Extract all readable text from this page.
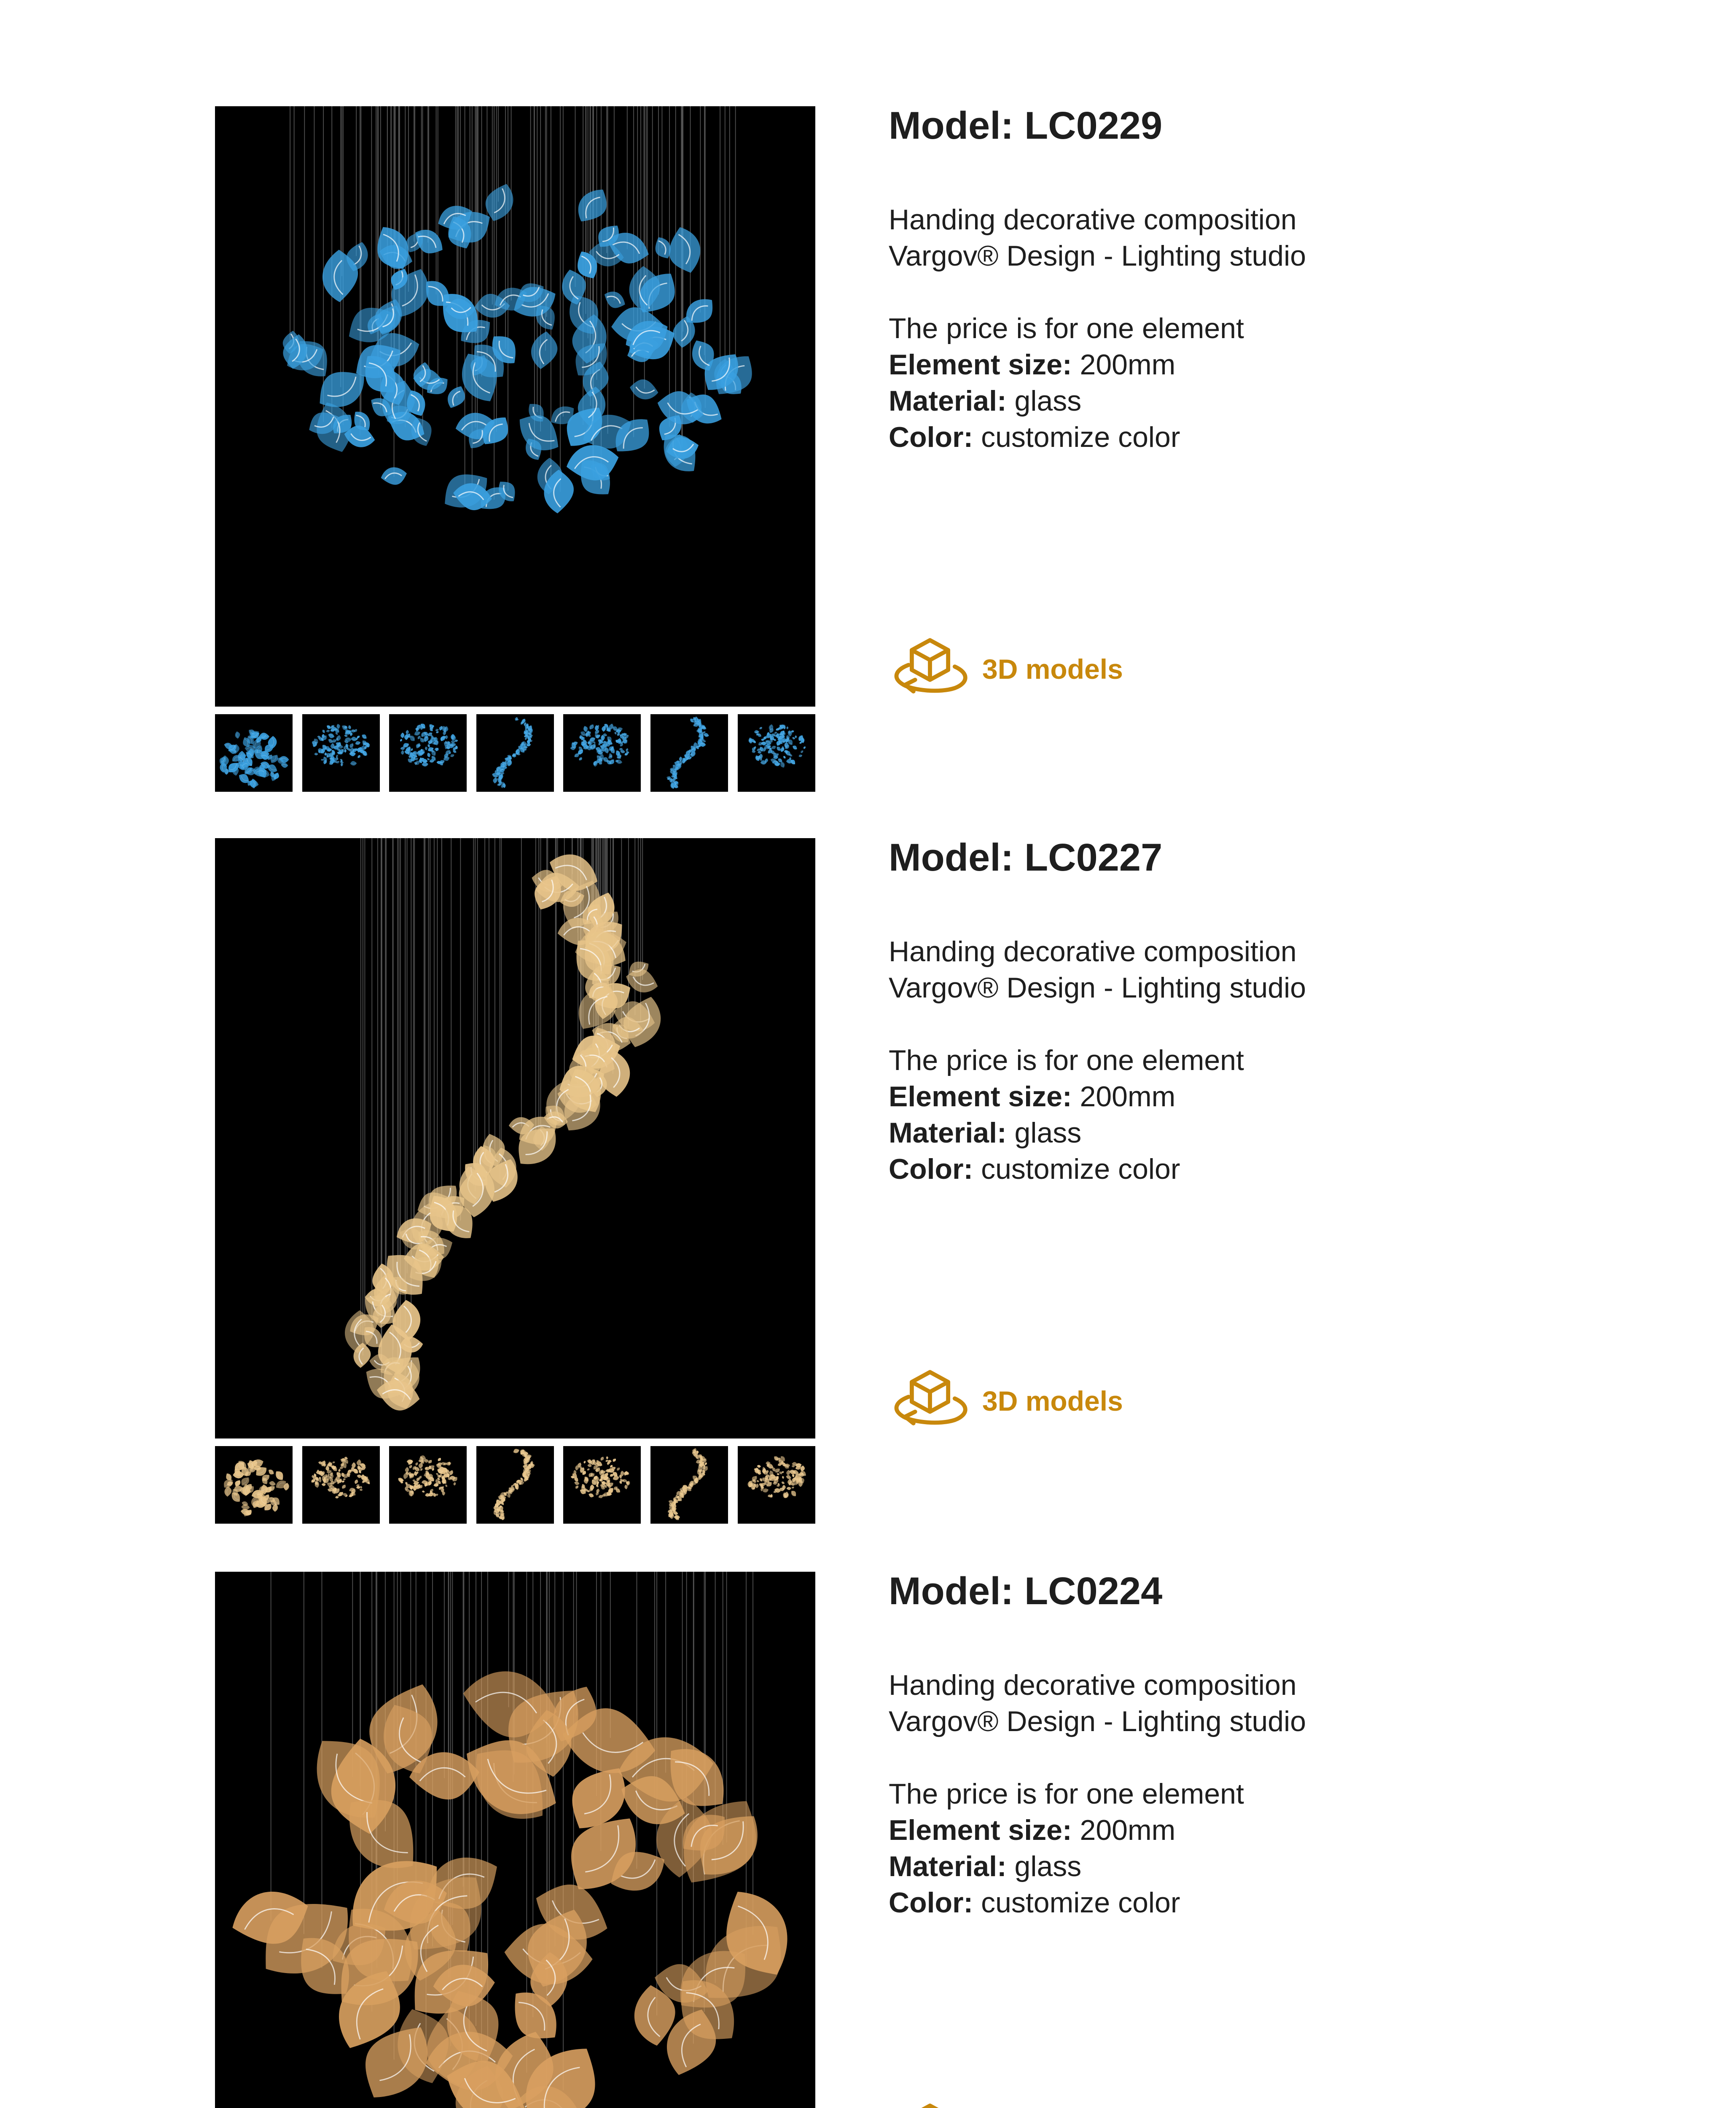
Model: LC0229
Handing decorative composition
Vargov® Design - Lighting studio
The price is for one element
Element size: 200mm
Material: glass
Color: customize color
3D models
Model: LC0227
Handing decorative composition
Vargov® Design - Lighting studio
The price is for one element
Element size: 200mm
Material: glass
Color: customize color
3D models
Model: LC0224
Handing decorative composition
Vargov® Design - Lighting studio
The price is for one element
Element size: 200mm
Material: glass
Color: customize color
